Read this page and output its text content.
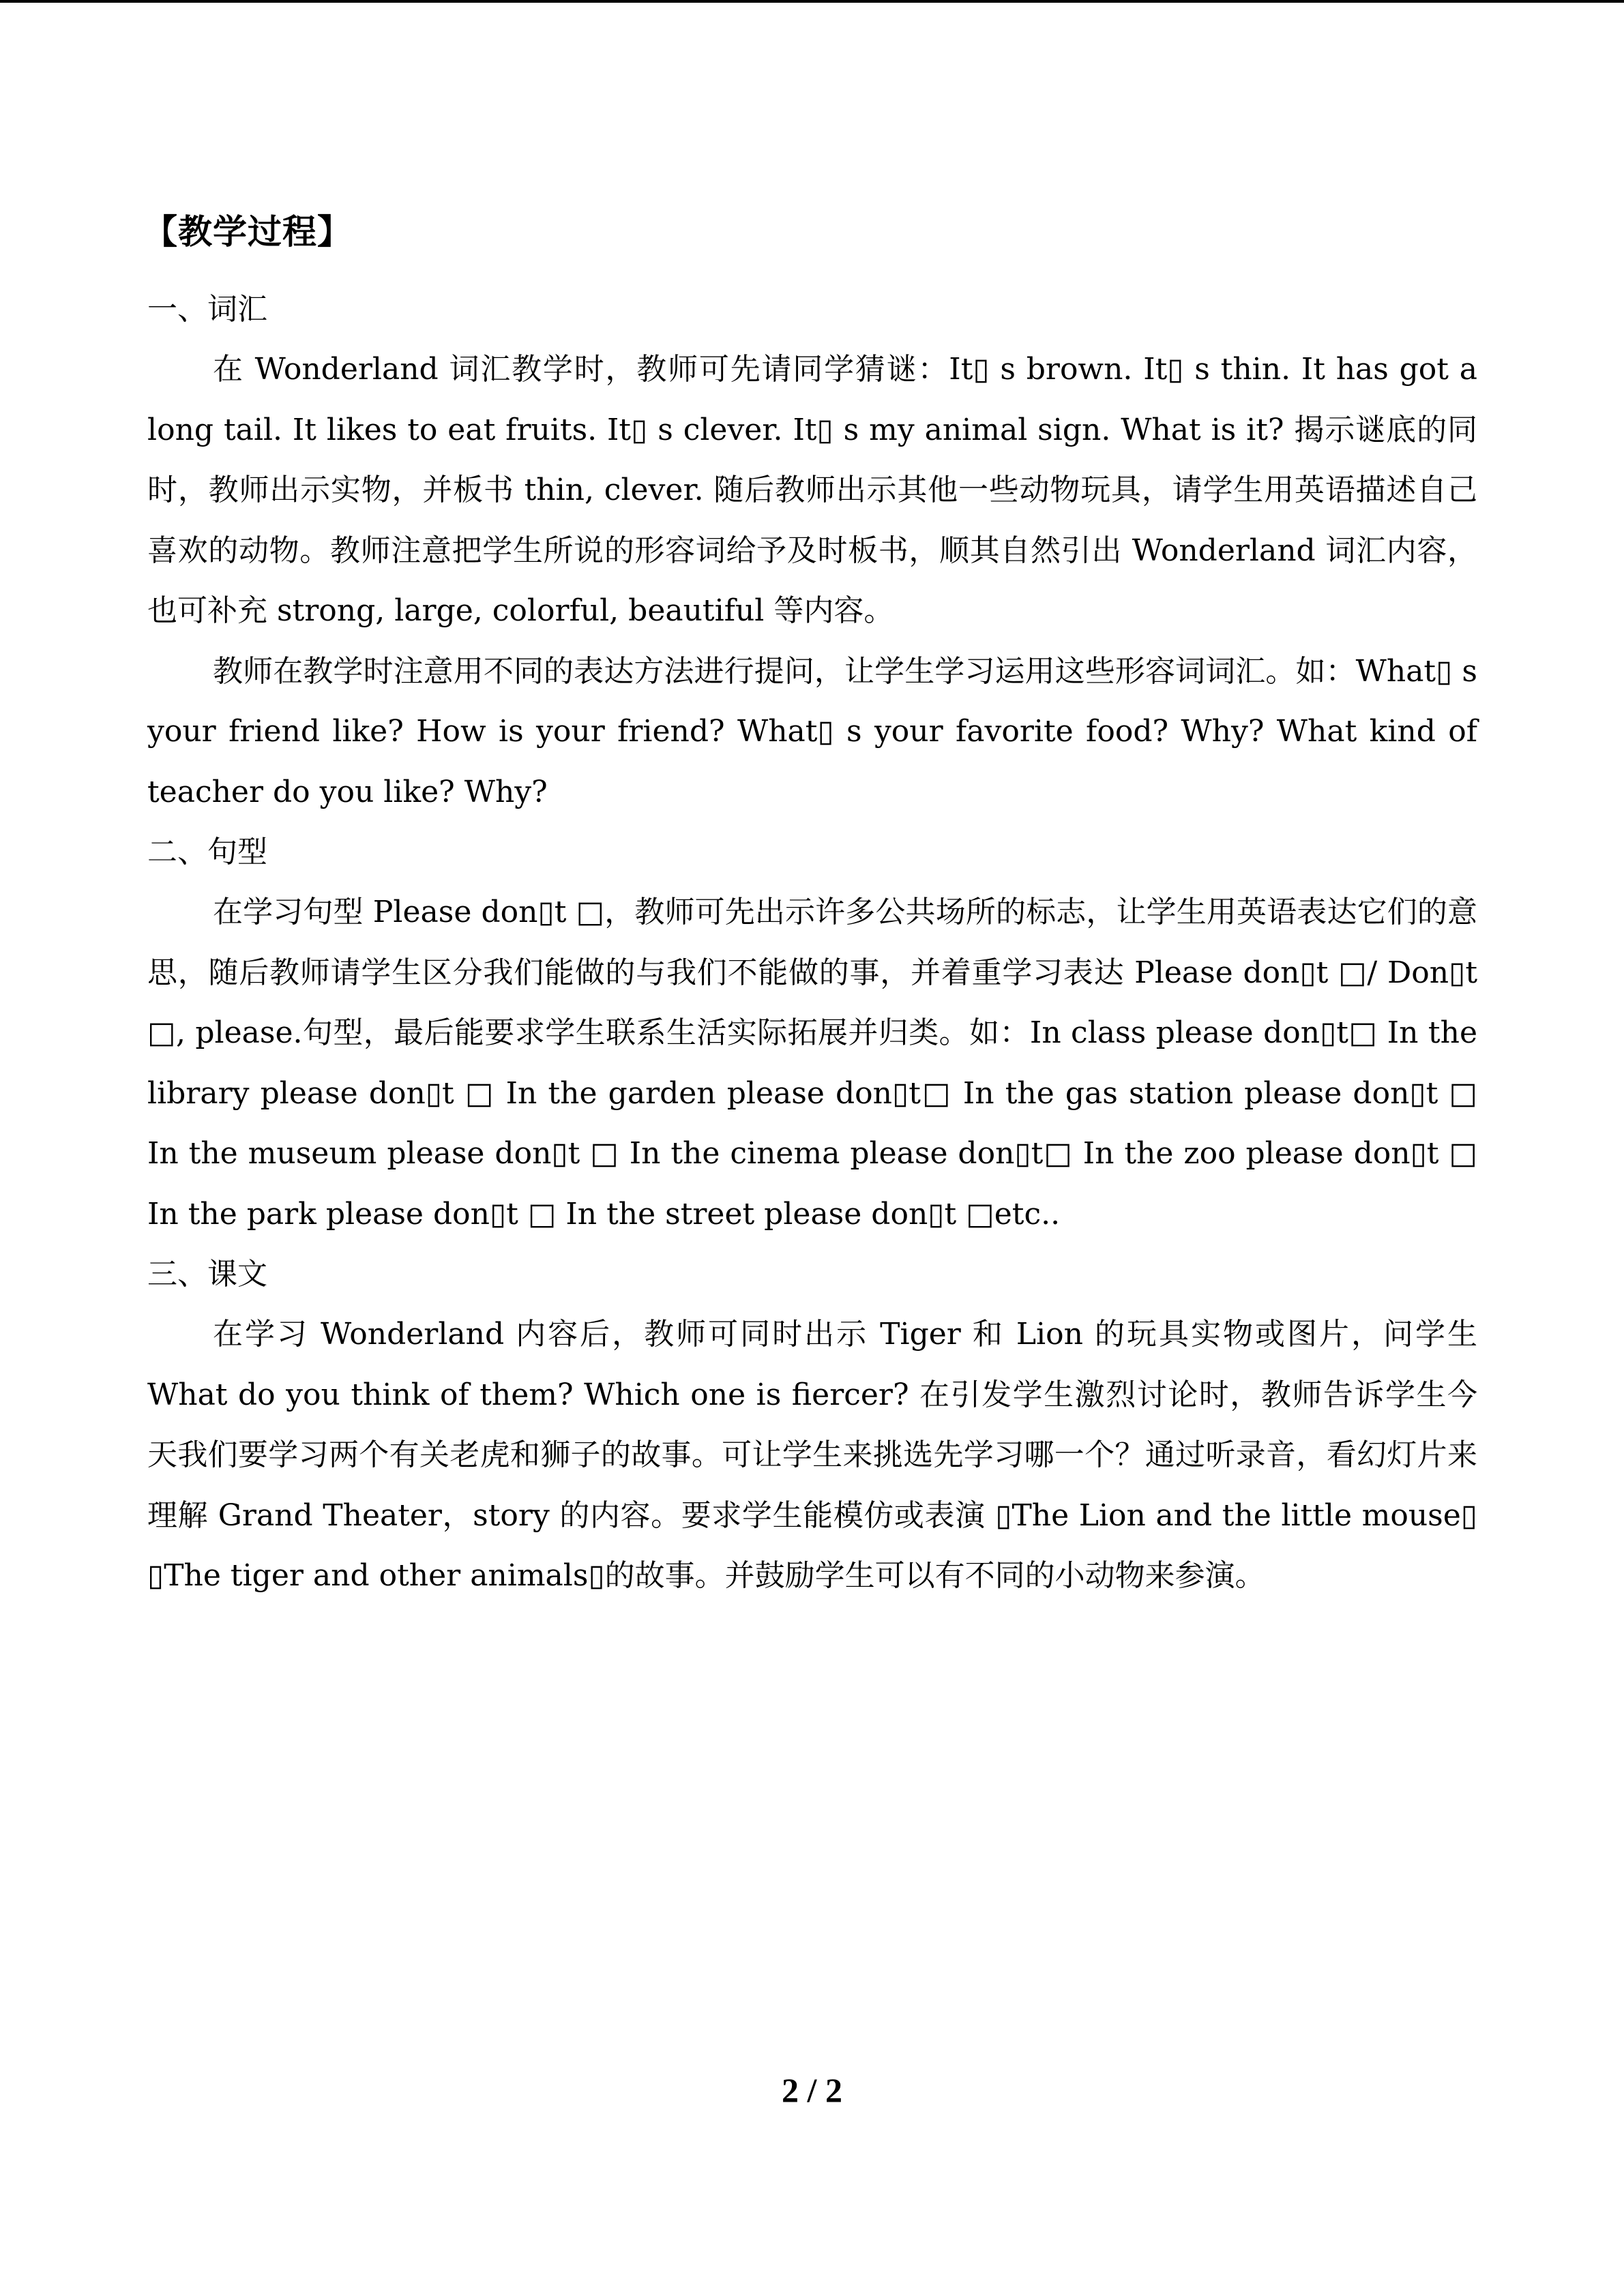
【教学过程】
一、词汇

在 Wonderland 词汇教学时，教师可先请同学猜谜：It▯ s brown. It▯ s thin. It has got a long tail. It likes to eat fruits. It▯ s clever. It▯ s my animal sign. What is it? 揭示谜底的同时，教师出示实物，并板书 thin, clever. 随后教师出示其他一些动物玩具，请学生用英语描述自己喜欢的动物。教师注意把学生所说的形容词给予及时板书，顺其自然引出 Wonderland 词汇内容，也可补充 strong, large, colorful, beautiful 等内容。

教师在教学时注意用不同的表达方法进行提问，让学生学习运用这些形容词词汇。如：What▯ s your friend like? How is your friend? What▯ s your favorite food? Why? What kind of teacher do you like? Why?

二、句型

在学习句型 Please don▯t □，教师可先出示许多公共场所的标志，让学生用英语表达它们的意思，随后教师请学生区分我们能做的与我们不能做的事，并着重学习表达 Please don▯t □/ Don▯t □, please.句型，最后能要求学生联系生活实际拓展并归类。如：In class please don▯t□ In the library please don▯t □ In the garden please don▯t□ In the gas station please don▯t □ In the museum please don▯t □ In the cinema please don▯t□ In the zoo please don▯t □ In the park please don▯t □ In the street please don▯t □etc..

三、课文

在学习 Wonderland 内容后，教师可同时出示 Tiger 和 Lion 的玩具实物或图片，问学生 What do you think of them? Which one is fiercer? 在引发学生激烈讨论时，教师告诉学生今天我们要学习两个有关老虎和狮子的故事。可让学生来挑选先学习哪一个？通过听录音，看幻灯片来理解 Grand Theater，story 的内容。要求学生能模仿或表演 ▯The Lion and the little mouse▯ ▯The tiger and other animals▯的故事。并鼓励学生可以有不同的小动物来参演。

2 / 2
